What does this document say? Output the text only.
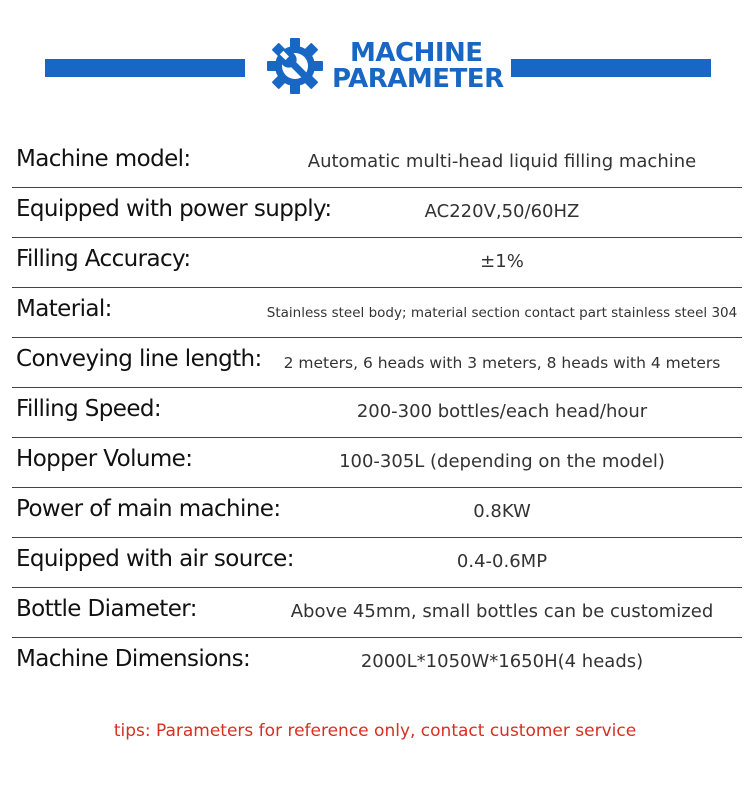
MACHINE
PARAMETER
Machine model:	Automatic multi-head liquid filling machine
Equipped with power supply:	AC220V,50/60HZ
Filling Accuracy:	±1%
Material:	Stainless steel body; material section contact part stainless steel 304
Conveying line length:	2 meters, 6 heads with 3 meters, 8 heads with 4 meters
Filling Speed:	200-300 bottles/each head/hour
Hopper Volume:	100-305L (depending on the model)
Power of main machine:	0.8KW
Equipped with air source:	0.4-0.6MP
Bottle Diameter:	Above 45mm, small bottles can be customized
Machine Dimensions:	2000L*1050W*1650H(4 heads)
tips: Parameters for reference only, contact customer service
